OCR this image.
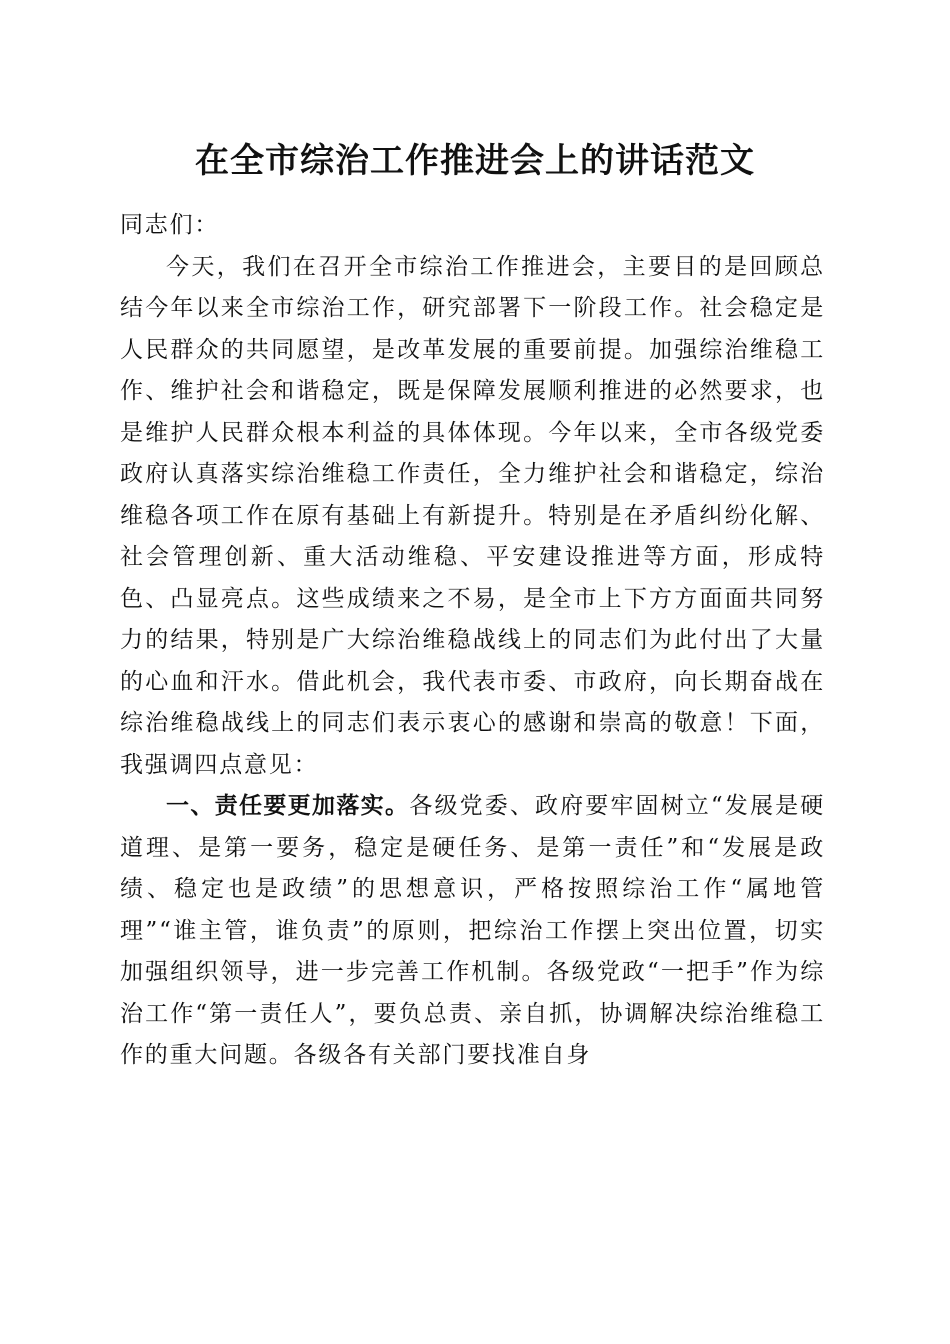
在全市综治工作推进会上的讲话范文

同志们：

今天，我们在召开全市综治工作推进会，主要目的是回顾总结今年以来全市综治工作，研究部署下一阶段工作。社会稳定是人民群众的共同愿望，是改革发展的重要前提。加强综治维稳工作、维护社会和谐稳定，既是保障发展顺利推进的必然要求，也是维护人民群众根本利益的具体体现。今年以来，全市各级党委政府认真落实综治维稳工作责任，全力维护社会和谐稳定，综治维稳各项工作在原有基础上有新提升。特别是在矛盾纠纷化解、社会管理创新、重大活动维稳、平安建设推进等方面，形成特色、凸显亮点。这些成绩来之不易，是全市上下方方面面共同努力的结果，特别是广大综治维稳战线上的同志们为此付出了大量的心血和汗水。借此机会，我代表市委、市政府，向长期奋战在综治维稳战线上的同志们表示衷心的感谢和崇高的敬意！下面，我强调四点意见：

一、责任要更加落实。各级党委、政府要牢固树立“发展是硬道理、是第一要务，稳定是硬任务、是第一责任”和“发展是政绩、稳定也是政绩”的思想意识，严格按照综治工作“属地管理”“谁主管，谁负责”的原则，把综治工作摆上突出位置，切实加强组织领导，进一步完善工作机制。各级党政“一把手”作为综治工作“第一责任人”，要负总责、亲自抓，协调解决综治维稳工作的重大问题。各级各有关部门要找准自身
